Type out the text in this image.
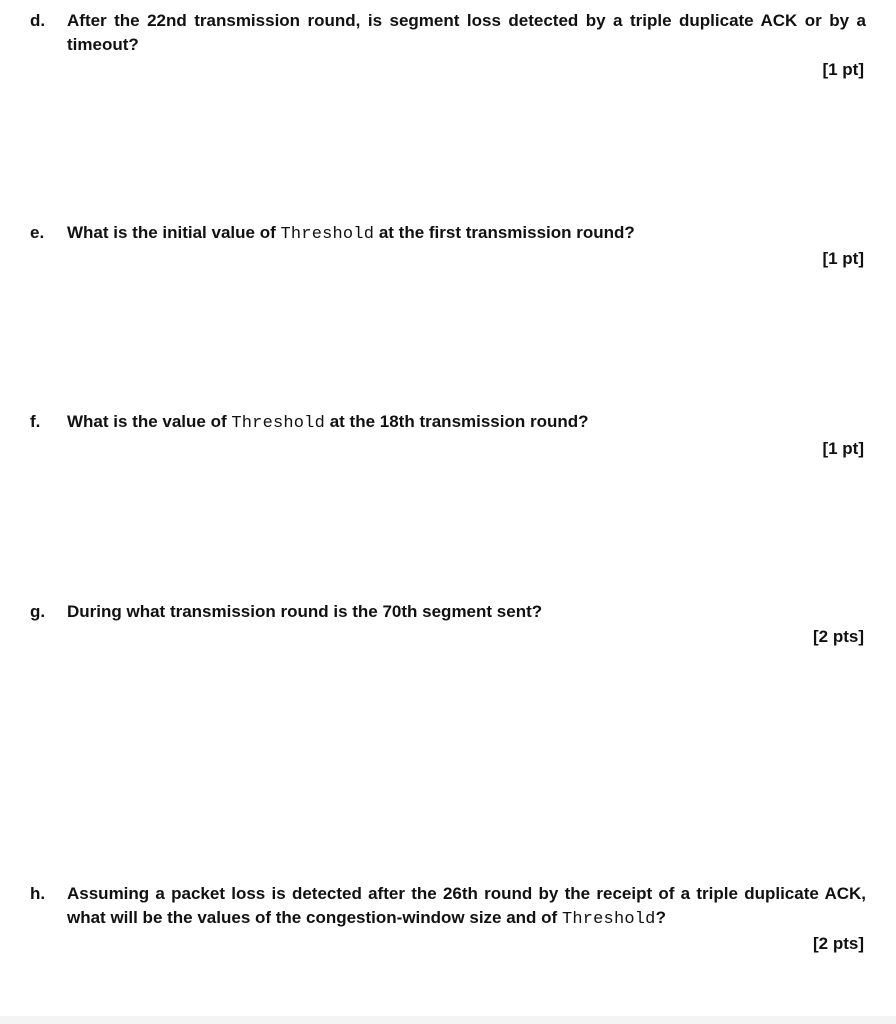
d. After the 22nd transmission round, is segment loss detected by a triple duplicate ACK or by a timeout?
[1 pt]
e. What is the initial value of Threshold at the first transmission round?
[1 pt]
f. What is the value of Threshold at the 18th transmission round?
[1 pt]
g. During what transmission round is the 70th segment sent?
[2 pts]
h. Assuming a packet loss is detected after the 26th round by the receipt of a triple duplicate ACK, what will be the values of the congestion-window size and of Threshold?
[2 pts]
